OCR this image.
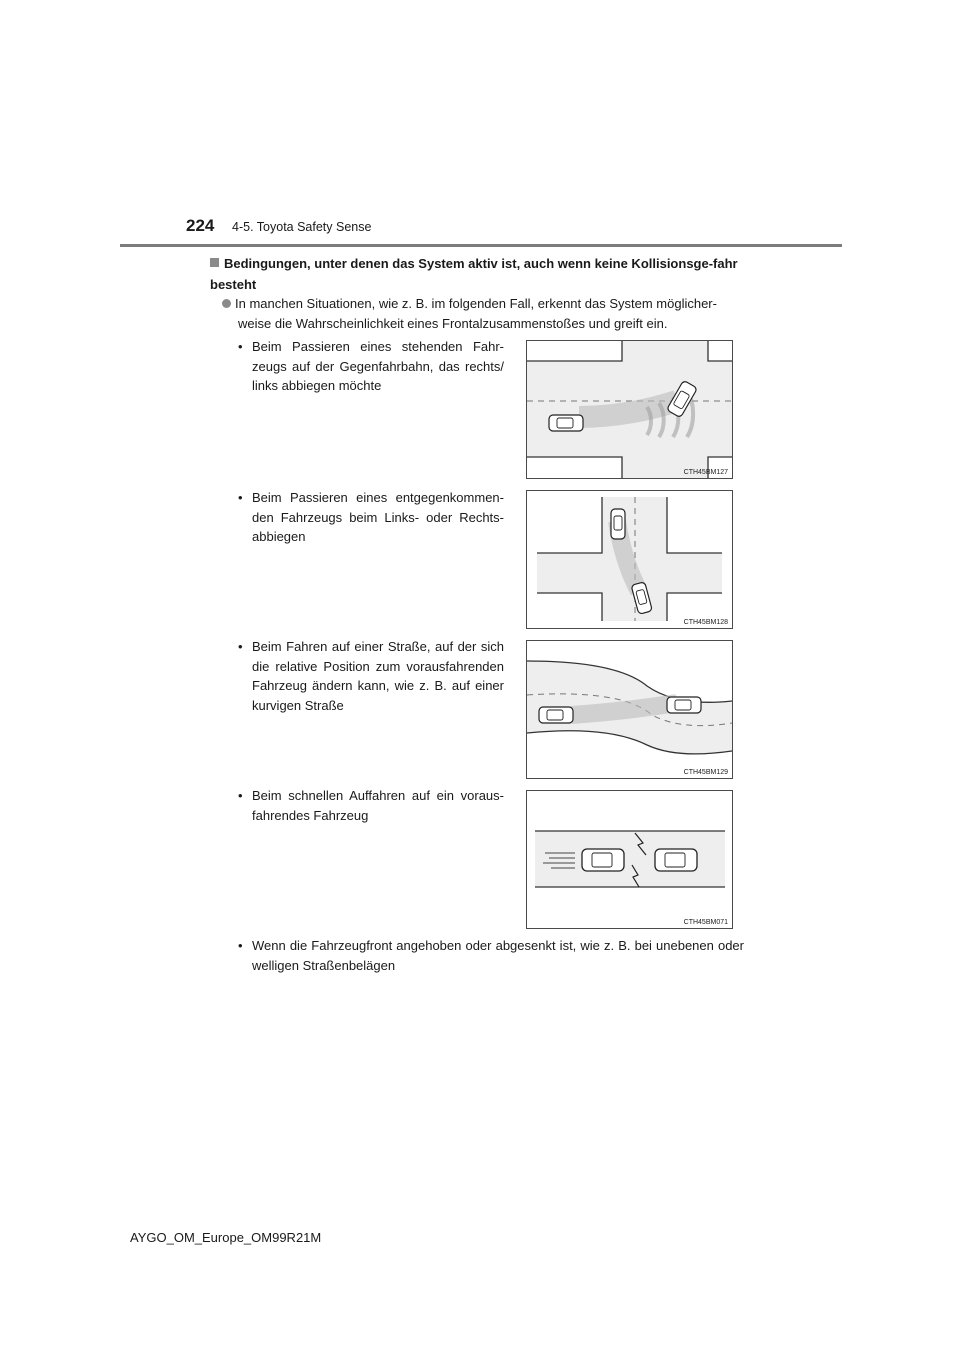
224 4-5. Toyota Safety Sense
Bedingungen, unter denen das System aktiv ist, auch wenn keine Kollisionsge-fahr besteht
In manchen Situationen, wie z. B. im folgenden Fall, erkennt das System möglicher-
weise die Wahrscheinlichkeit eines Frontalzusammenstoßes und greift ein.
• Beim Passieren eines stehenden Fahr-zeugs auf der Gegenfahrbahn, das rechts/ links abbiegen möchte
• Beim Passieren eines entgegenkommen-den Fahrzeugs beim Links- oder Rechts-abbiegen
• Beim Fahren auf einer Straße, auf der sich die relative Position zum vorausfahrenden Fahrzeug ändern kann, wie z. B. auf einer kurvigen Straße
• Beim schnellen Auffahren auf ein voraus-fahrendes Fahrzeug
• Wenn die Fahrzeugfront angehoben oder abgesenkt ist, wie z. B. bei unebenen oder welligen Straßenbelägen
CTH45BM127
CTH45BM128
CTH45BM129
CTH45BM071
AYGO_OM_Europe_OM99R21M
